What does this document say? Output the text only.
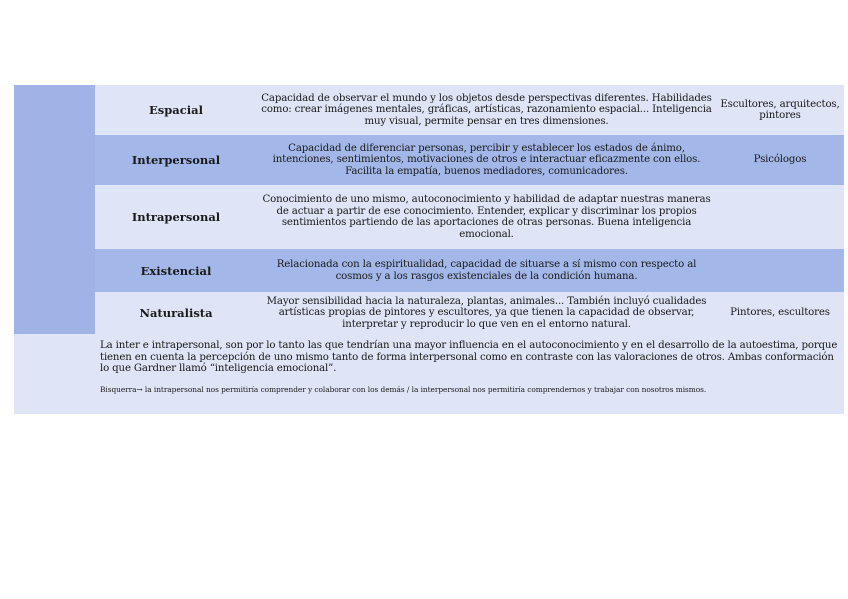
	Espacial	Capacidad de observar el mundo y los objetos desde perspectivas diferentes. Habilidades como: crear imágenes mentales, gráficas, artísticas, razonamiento espacial... Inteligencia muy visual, permite pensar en tres dimensiones.	Escultores, arquitectos, pintores
	Interpersonal	Capacidad de diferenciar personas, percibir y establecer los estados de ánimo, intenciones, sentimientos, motivaciones de otros e interactuar eficazmente con ellos. Facilita la empatía, buenos mediadores, comunicadores.	Psicólogos
	Intrapersonal	Conocimiento de uno mismo, autoconocimiento y habilidad de adaptar nuestras maneras de actuar a partir de ese conocimiento. Entender, explicar y discriminar los propios sentimientos partiendo de las aportaciones de otras personas. Buena inteligencia emocional.	
	Existencial	Relacionada con la espiritualidad, capacidad de situarse a sí mismo con respecto al cosmos y a los rasgos existenciales de la condición humana.	
	Naturalista	Mayor sensibilidad hacia la naturaleza, plantas, animales... También incluyó cualidades artísticas propias de pintores y escultores, ya que tienen la capacidad de observar, interpretar y reproducir lo que ven en el entorno natural.	Pintores, escultores

	La inter e intrapersonal, son por lo tanto las que tendrían una mayor influencia en el autoconocimiento y en el desarrollo de la autoestima, porque tienen en cuenta la percepción de uno mismo tanto de forma interpersonal como en contraste con las valoraciones de otros. Ambas conformación lo que Gardner llamó “inteligencia emocional”.

Bisquerra→ la intrapersonal nos permitiría comprender y colaborar con los demás / la interpersonal nos permitiría comprendernos y trabajar con nosotros mismos.		
